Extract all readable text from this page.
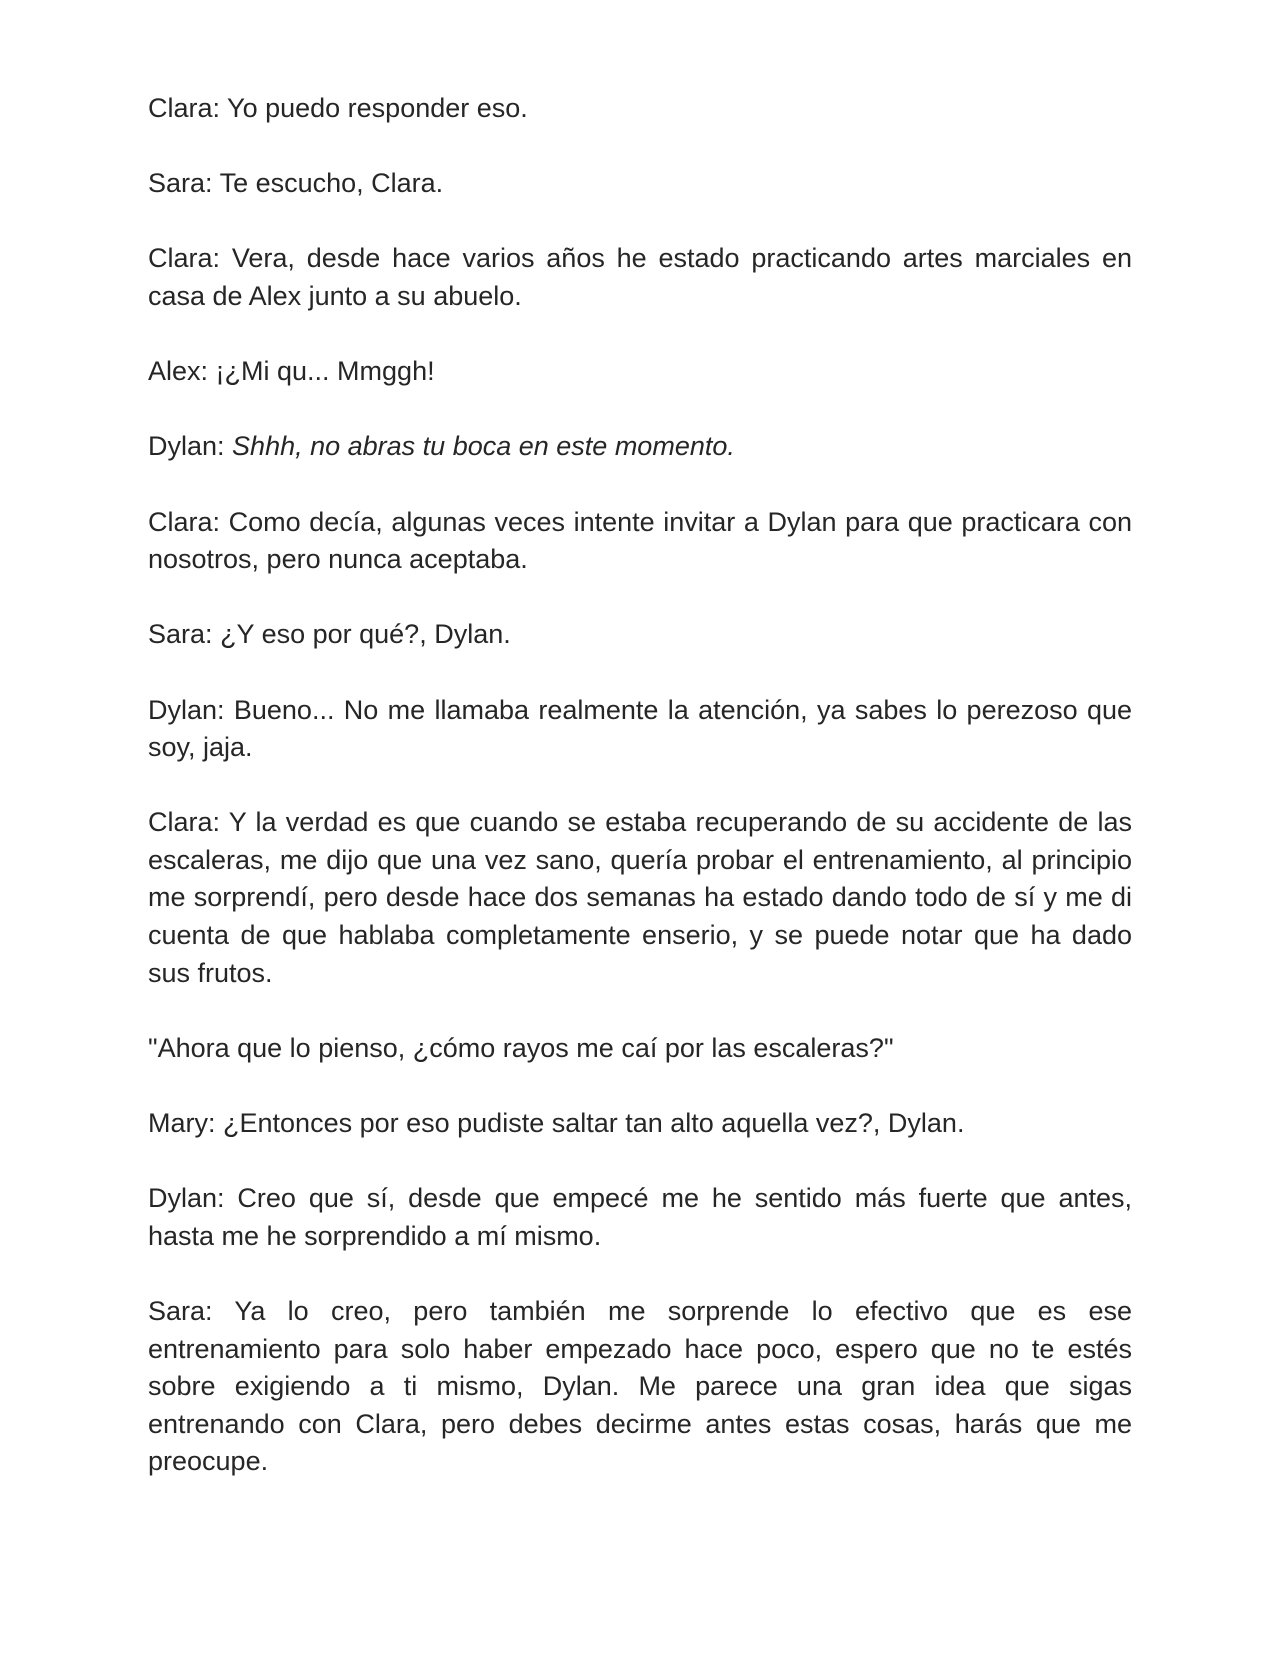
Clara: Yo puedo responder eso.

Sara: Te escucho, Clara.

Clara: Vera, desde hace varios años he estado practicando artes marciales en casa de Alex junto a su abuelo.

Alex: ¡¿Mi qu... Mmggh!

Dylan: Shhh, no abras tu boca en este momento.

Clara: Como decía, algunas veces intente invitar a Dylan para que practicara con nosotros, pero nunca aceptaba.

Sara: ¿Y eso por qué?, Dylan.

Dylan: Bueno... No me llamaba realmente la atención, ya sabes lo perezoso que soy, jaja.

Clara: Y la verdad es que cuando se estaba recuperando de su accidente de las escaleras, me dijo que una vez sano, quería probar el entrenamiento, al principio me sorprendí, pero desde hace dos semanas ha estado dando todo de sí y me di cuenta de que hablaba completamente enserio, y se puede notar que ha dado sus frutos.

"Ahora que lo pienso, ¿cómo rayos me caí por las escaleras?"

Mary: ¿Entonces por eso pudiste saltar tan alto aquella vez?, Dylan.

Dylan: Creo que sí, desde que empecé me he sentido más fuerte que antes, hasta me he sorprendido a mí mismo.

Sara: Ya lo creo, pero también me sorprende lo efectivo que es ese entrenamiento para solo haber empezado hace poco, espero que no te estés sobre exigiendo a ti mismo, Dylan. Me parece una gran idea que sigas entrenando con Clara, pero debes decirme antes estas cosas, harás que me preocupe.
